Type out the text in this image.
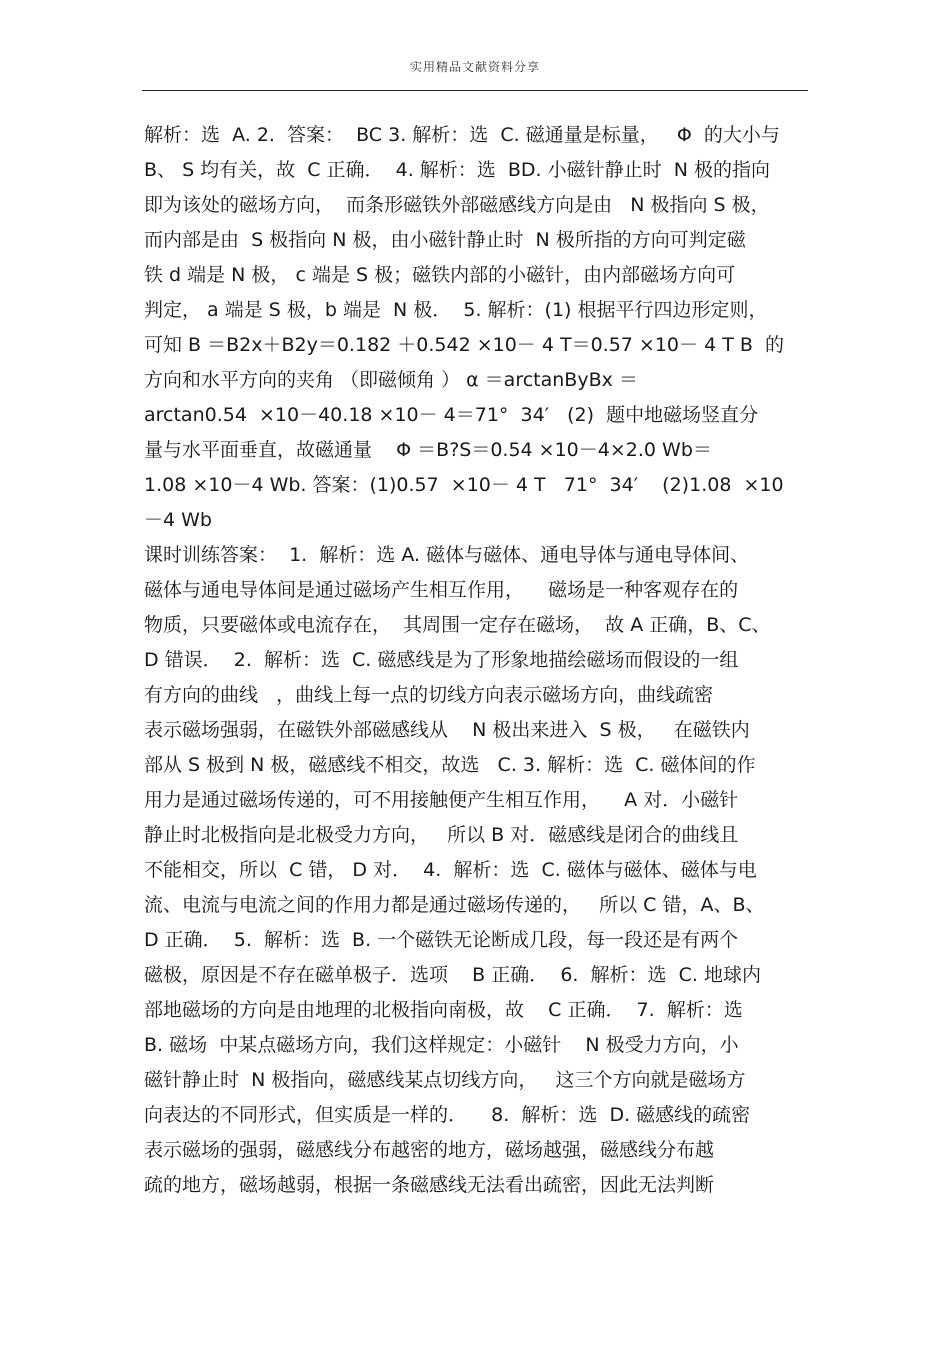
实用精品文献资料分享
解析：选  A. 2.  答案：  BC 3. 解析：选  C. 磁通量是标量，   Φ  的大小与
B、 S 均有关，故  C 正确．  4. 解析：选  BD. 小磁针静止时  N 极的指向
即为该处的磁场方向，  而条形磁铁外部磁感线方向是由   N 极指向 S 极，
而内部是由  S 极指向 N 极，由小磁针静止时  N 极所指的方向可判定磁
铁 d 端是 N 极， c 端是 S 极；磁铁内部的小磁针，由内部磁场方向可
判定， a 端是 S 极，b 端是  N 极．  5. 解析：(1) 根据平行四边形定则，
可知 B ＝B2x＋B2y＝0.182 ＋0.542 ×10－ 4 T＝0.57 ×10－ 4 T B  的
方向和水平方向的夹角 （即磁倾角 ） α ＝arctanByBx ＝
arctan0.54  ×10－40.18 ×10－ 4＝71°  34′   (2)  题中地磁场竖直分
量与水平面垂直，故磁通量    Φ ＝B?S＝0.54 ×10－4×2.0 Wb＝
1.08 ×10－4 Wb. 答案：(1)0.57  ×10－ 4 T   71°  34′    (2)1.08  ×10
－4 Wb
课时训练答案：  1.  解析：选 A. 磁体与磁体、通电导体与通电导体间、
磁体与通电导体间是通过磁场产生相互作用，    磁场是一种客观存在的
物质，只要磁体或电流存在，  其周围一定存在磁场，  故 A 正确，B、C、
D 错误．  2.  解析：选  C. 磁感线是为了形象地描绘磁场而假设的一组
有方向的曲线   ，曲线上每一点的切线方向表示磁场方向，曲线疏密
表示磁场强弱，在磁铁外部磁感线从    N 极出来进入  S 极，   在磁铁内
部从 S 极到 N 极，磁感线不相交，故选   C. 3. 解析：选  C. 磁体间的作
用力是通过磁场传递的，可不用接触便产生相互作用，    A 对．小磁针
静止时北极指向是北极受力方向，   所以 B 对．磁感线是闭合的曲线且
不能相交，所以  C 错， D 对．  4.  解析：选  C. 磁体与磁体、磁体与电
流、电流与电流之间的作用力都是通过磁场传递的，   所以 C 错，A、B、
D 正确．  5.  解析：选  B. 一个磁铁无论断成几段，每一段还是有两个
磁极，原因是不存在磁单极子．选项    B 正确．  6.  解析：选  C. 地球内
部地磁场的方向是由地理的北极指向南极，故    C 正确．  7.  解析：选
B. 磁场  中某点磁场方向，我们这样规定：小磁针    N 极受力方向，小
磁针静止时  N 极指向，磁感线某点切线方向，   这三个方向就是磁场方
向表达的不同形式，但实质是一样的．    8.  解析：选  D. 磁感线的疏密
表示磁场的强弱，磁感线分布越密的地方，磁场越强，磁感线分布越
疏的地方，磁场越弱，根据一条磁感线无法看出疏密，因此无法判断
